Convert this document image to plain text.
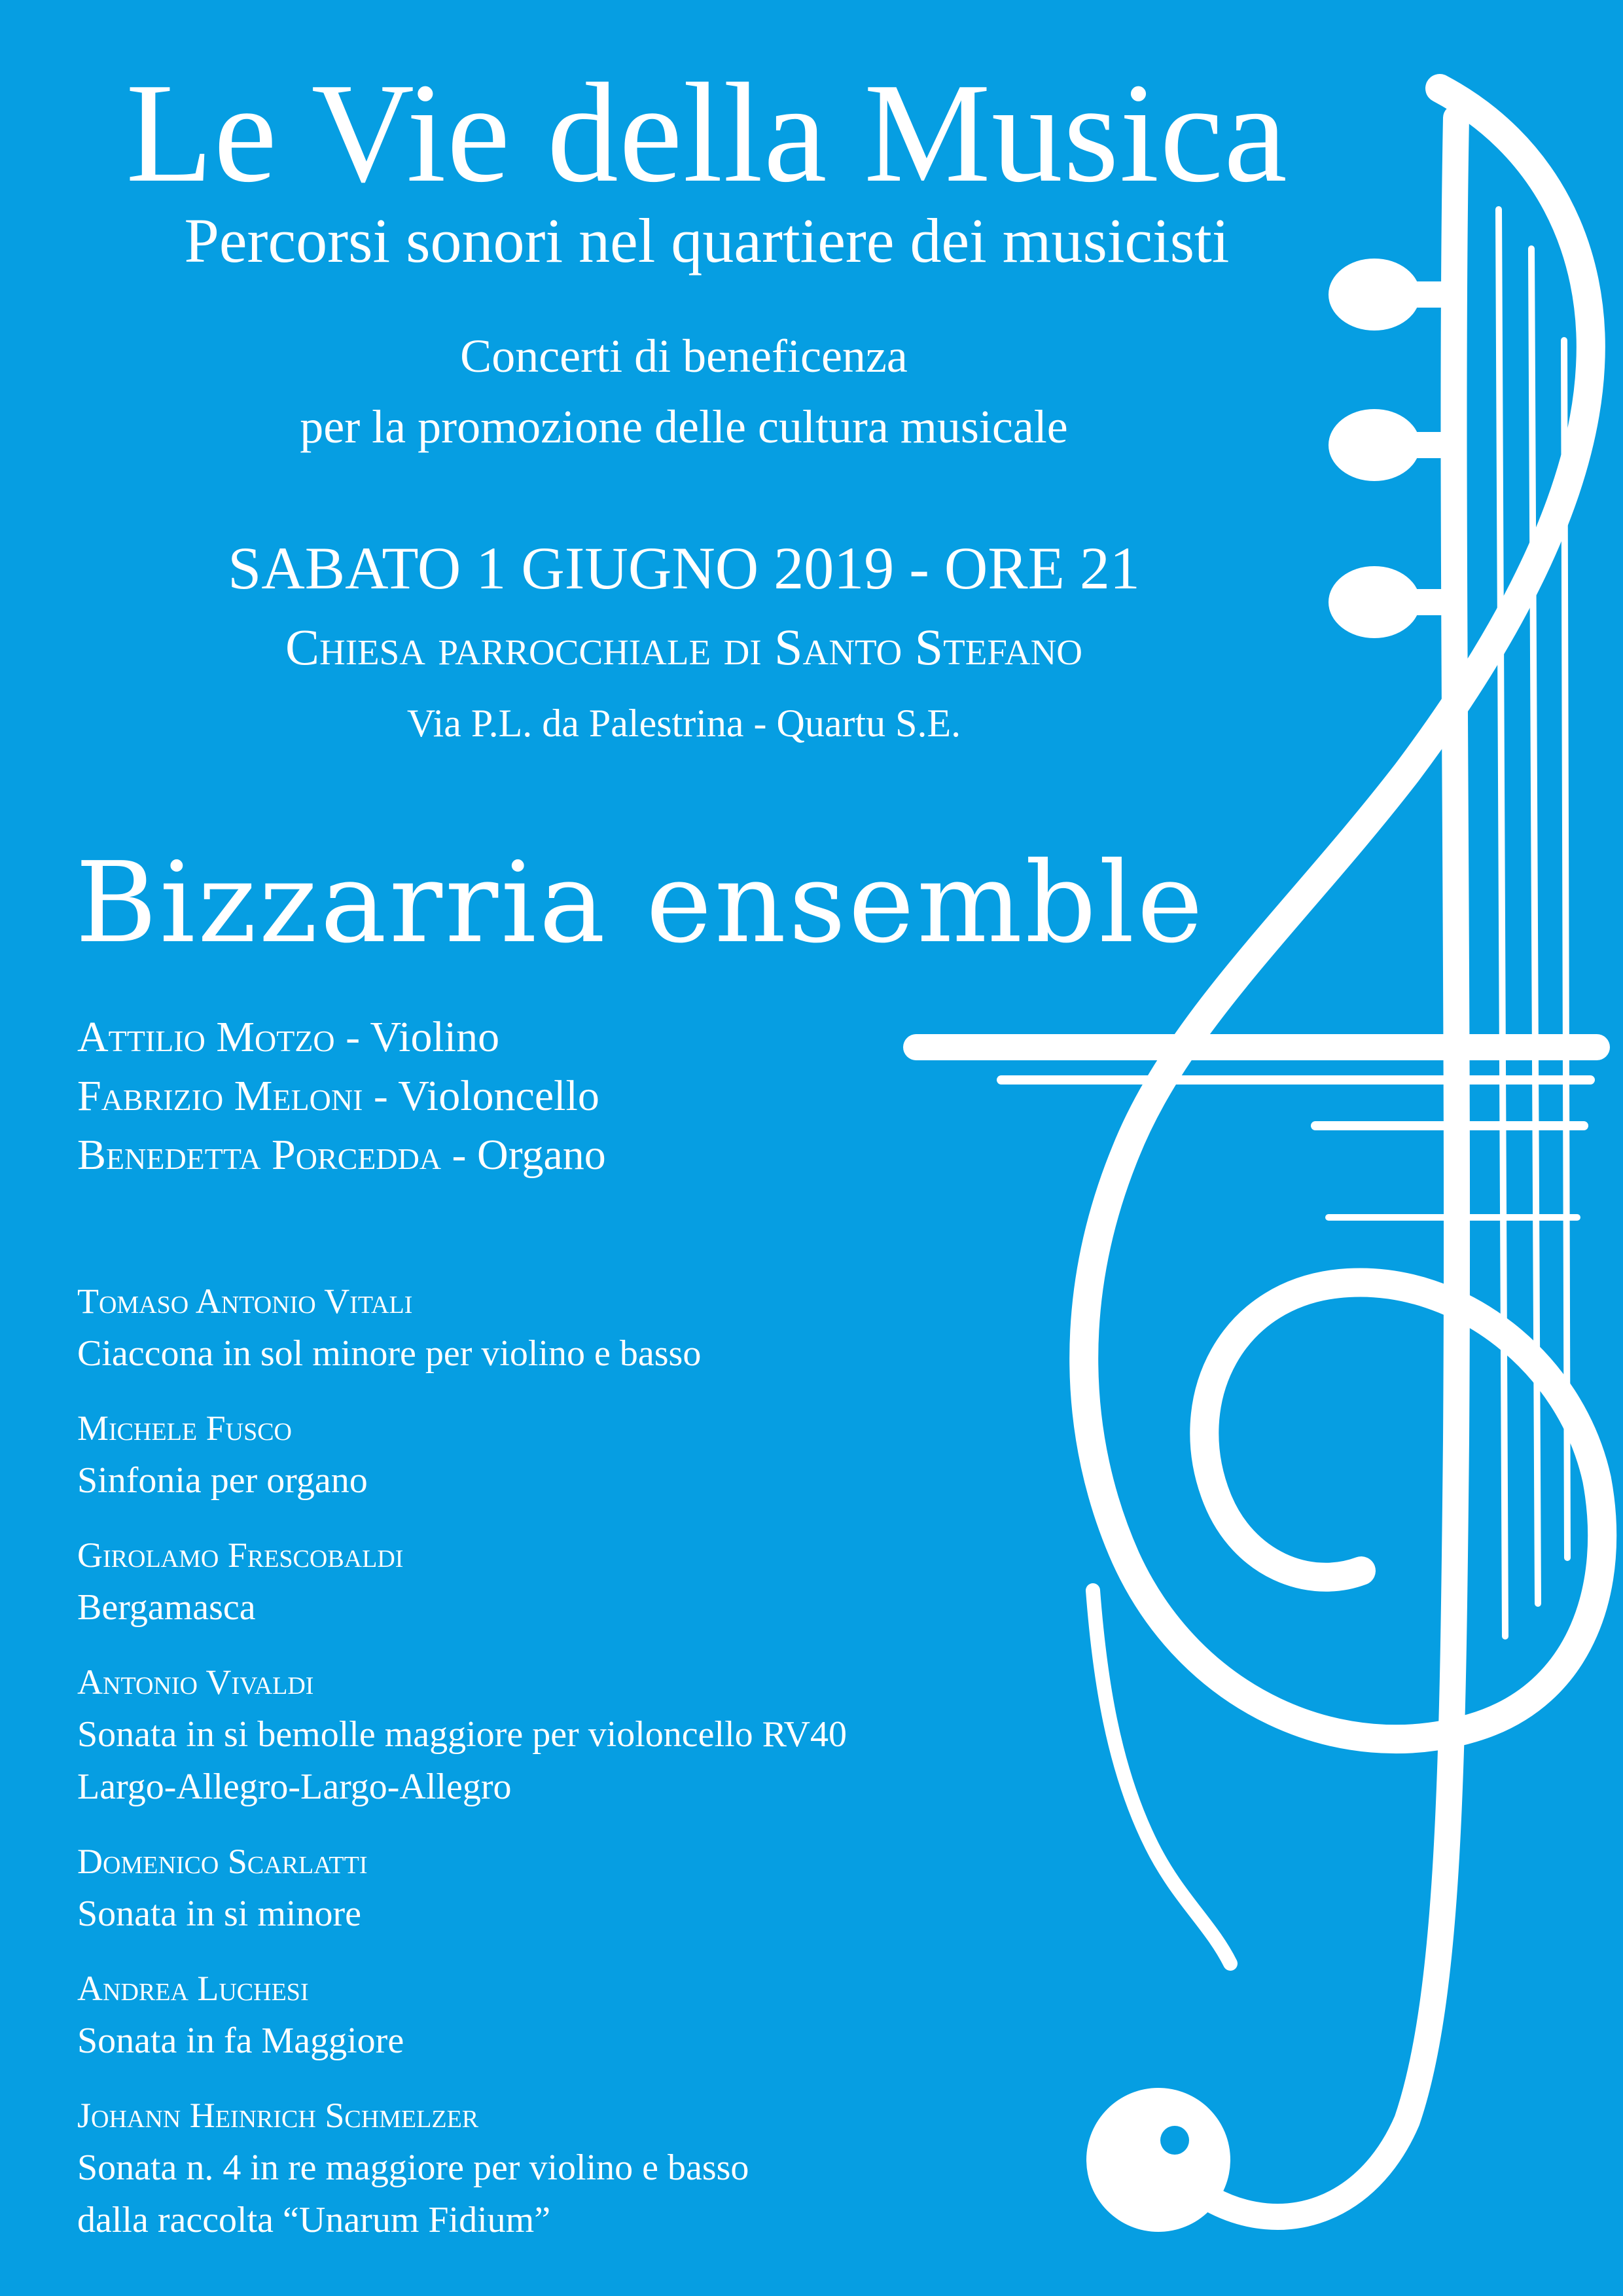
Le Vie della Musica
Percorsi sonori nel quartiere dei musicisti
Concerti di beneficenza
per la promozione delle cultura musicale
SABATO 1 GIUGNO 2019 - ORE 21
Chiesa parrocchiale di Santo Stefano
Via P.L. da Palestrina - Quartu S.E.
Bizzarria ensemble
Attilio Motzo - Violino
Fabrizio Meloni - Violoncello
Benedetta Porcedda - Organo
Tomaso Antonio Vitali
Ciaccona in sol minore per violino e basso
Michele Fusco
Sinfonia per organo
Girolamo Frescobaldi
Bergamasca
Antonio Vivaldi
Sonata in si bemolle maggiore per violoncello RV40
Largo-Allegro-Largo-Allegro
Domenico Scarlatti
Sonata in si minore
Andrea Luchesi
Sonata in fa Maggiore
Johann Heinrich Schmelzer
Sonata n. 4 in re maggiore per violino e basso
dalla raccolta “Unarum Fidium”
